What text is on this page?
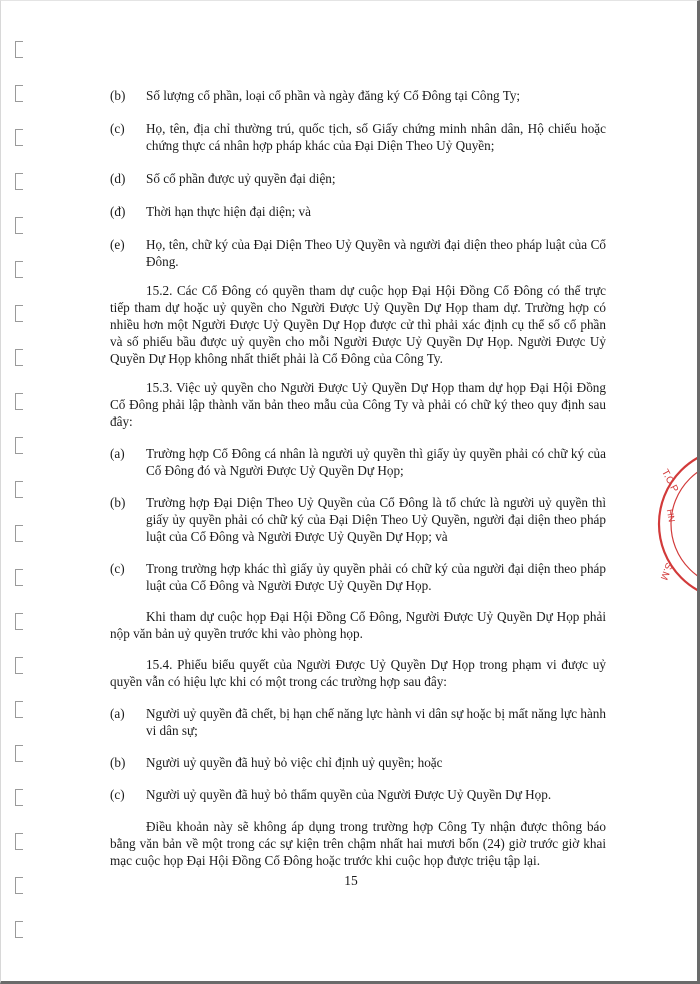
(b) Số lượng cổ phần, loại cổ phần và ngày đăng ký Cổ Đông tại Công Ty;
(c) Họ, tên, địa chỉ thường trú, quốc tịch, số Giấy chứng minh nhân dân, Hộ chiếu hoặc chứng thực cá nhân hợp pháp khác của Đại Diện Theo Uỷ Quyền;
(d) Số cổ phần được uỷ quyền đại diện;
(đ) Thời hạn thực hiện đại diện; và
(e) Họ, tên, chữ ký của Đại Diện Theo Uỷ Quyền và người đại diện theo pháp luật của Cổ Đông.
15.2. Các Cổ Đông có quyền tham dự cuộc họp Đại Hội Đồng Cổ Đông có thể trực tiếp tham dự hoặc uỷ quyền cho Người Được Uỷ Quyền Dự Họp tham dự. Trường hợp có nhiều hơn một Người Được Uỷ Quyền Dự Họp được cử thì phải xác định cụ thể số cổ phần và số phiếu bầu được uỷ quyền cho mỗi Người Được Uỷ Quyền Dự Họp. Người Được Uỷ Quyền Dự Họp không nhất thiết phải là Cổ Đông của Công Ty.
15.3. Việc uỷ quyền cho Người Được Uỷ Quyền Dự Họp tham dự họp Đại Hội Đồng Cổ Đông phải lập thành văn bản theo mẫu của Công Ty và phải có chữ ký theo quy định sau đây:
(a) Trường hợp Cổ Đông cá nhân là người uỷ quyền thì giấy ủy quyền phải có chữ ký của Cổ Đông đó và Người Được Uỷ Quyền Dự Họp;
(b) Trường hợp Đại Diện Theo Uỷ Quyền của Cổ Đông là tổ chức là người uỷ quyền thì giấy ủy quyền phải có chữ ký của Đại Diện Theo Uỷ Quyền, người đại diện theo pháp luật của Cổ Đông và Người Được Uỷ Quyền Dự Họp; và
(c) Trong trường hợp khác thì giấy ủy quyền phải có chữ ký của người đại diện theo pháp luật của Cổ Đông và Người Được Uỷ Quyền Dự Họp.
Khi tham dự cuộc họp Đại Hội Đồng Cổ Đông, Người Được Uỷ Quyền Dự Họp phải nộp văn bản uỷ quyền trước khi vào phòng họp.
15.4. Phiếu biểu quyết của Người Được Uỷ Quyền Dự Họp trong phạm vi được uỷ quyền vẫn có hiệu lực khi có một trong các trường hợp sau đây:
(a) Người uỷ quyền đã chết, bị hạn chế năng lực hành vi dân sự hoặc bị mất năng lực hành vi dân sự;
(b) Người uỷ quyền đã huỷ bỏ việc chỉ định uỷ quyền; hoặc
(c) Người uỷ quyền đã huỷ bỏ thẩm quyền của Người Được Uỷ Quyền Dự Họp.
Điều khoản này sẽ không áp dụng trong trường hợp Công Ty nhận được thông báo bằng văn bản về một trong các sự kiện trên chậm nhất hai mươi bốn (24) giờ trước giờ khai mạc cuộc họp Đại Hội Đồng Cổ Đông hoặc trước khi cuộc họp được triệu tập lại.
15
T.C.P
HN
S.M
